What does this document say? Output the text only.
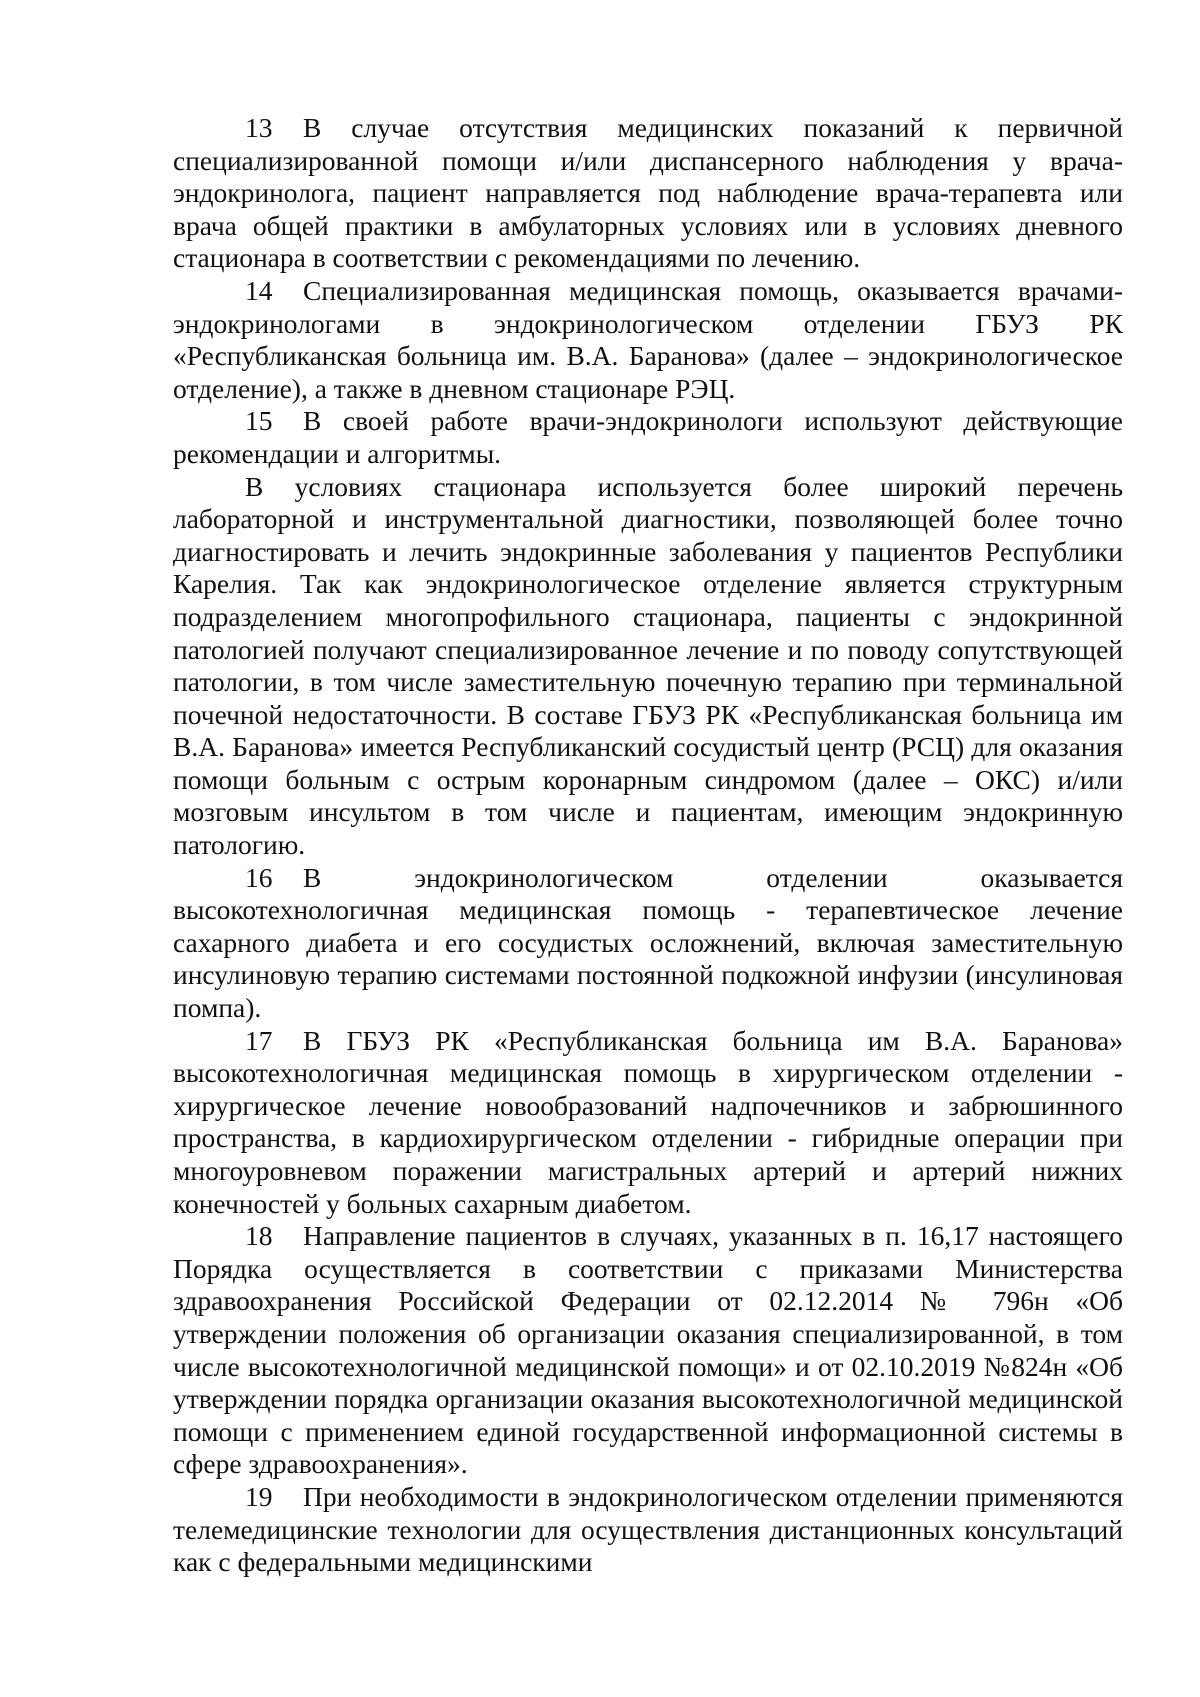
13 В случае отсутствия медицинских показаний к первичной специализированной помощи и/или диспансерного наблюдения у врача-эндокринолога, пациент направляется под наблюдение врача-терапевта или врача общей практики в амбулаторных условиях или в условиях дневного стационара в соответствии с рекомендациями по лечению.

14 Специализированная медицинская помощь, оказывается врачами-эндокринологами в эндокринологическом отделении ГБУЗ РК «Республиканская больница им. В.А. Баранова» (далее – эндокринологическое отделение), а также в дневном стационаре РЭЦ.

15 В своей работе врачи-эндокринологи используют действующие рекомендации и алгоритмы.

В условиях стационара используется более широкий перечень лабораторной и инструментальной диагностики, позволяющей более точно диагностировать и лечить эндокринные заболевания у пациентов Республики Карелия. Так как эндокринологическое отделение является структурным подразделением многопрофильного стационара, пациенты с эндокринной патологией получают специализированное лечение и по поводу сопутствующей патологии, в том числе заместительную почечную терапию при терминальной почечной недостаточности. В составе ГБУЗ РК «Республиканская больница им В.А. Баранова» имеется Республиканский сосудистый центр (РСЦ) для оказания помощи больным с острым коронарным синдромом (далее – ОКС) и/или мозговым инсультом в том числе и пациентам, имеющим эндокринную патологию.

16 В эндокринологическом отделении оказывается высокотехнологичная медицинская помощь - терапевтическое лечение сахарного диабета и его сосудистых осложнений, включая заместительную инсулиновую терапию системами постоянной подкожной инфузии (инсулиновая помпа).

17 В ГБУЗ РК «Республиканская больница им В.А. Баранова» высокотехнологичная медицинская помощь в хирургическом отделении - хирургическое лечение новообразований надпочечников и забрюшинного пространства, в кардиохирургическом отделении - гибридные операции при многоуровневом поражении магистральных артерий и артерий нижних конечностей у больных сахарным диабетом.

18 Направление пациентов в случаях, указанных в п. 16,17 настоящего Порядка осуществляется в соответствии с приказами Министерства здравоохранения Российской Федерации от 02.12.2014 № 796н «Об утверждении положения об организации оказания специализированной, в том числе высокотехнологичной медицинской помощи» и от 02.10.2019 №824н «Об утверждении порядка организации оказания высокотехнологичной медицинской помощи с применением единой государственной информационной системы в сфере здравоохранения».

19 При необходимости в эндокринологическом отделении применяются телемедицинские технологии для осуществления дистанционных консультаций как с федеральными медицинскими
